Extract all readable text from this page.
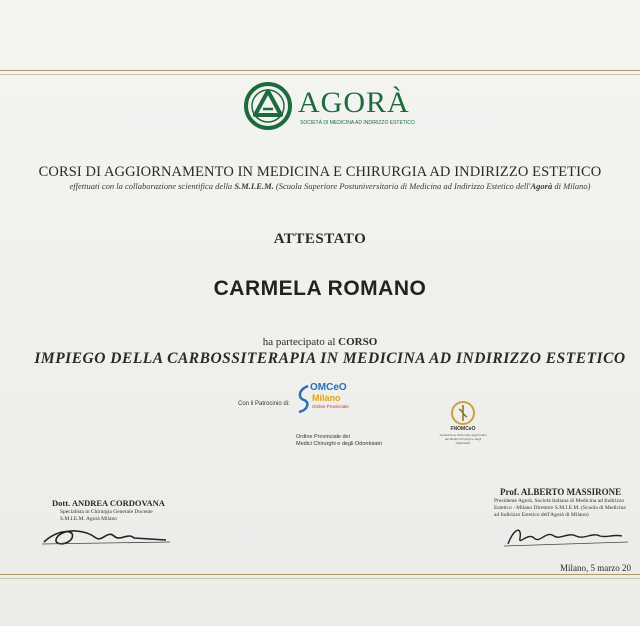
AGORÀ
SOCIETÀ DI MEDICINA AD INDIRIZZO ESTETICO
CORSI DI AGGIORNAMENTO IN MEDICINA E CHIRURGIA AD INDIRIZZO ESTETICO
effettuati con la collaborazione scientifica della S.M.I.E.M. (Scuola Superiore Postuniversitaria di Medicina ad Indirizzo Estetico dell'Agorà di Milano)
ATTESTATO
CARMELA ROMANO
ha partecipato al CORSO
IMPIEGO DELLA CARBOSSITERAPIA IN MEDICINA AD INDIRIZZO ESTETICO
Con il Patrocinio di:
OMCeO
Milano
Ordine Provinciale
Ordine Provinciale dei
Medici Chirurghi e degli Odontoiatri
FNOMCeO
Federazione Nazionale degli Ordini dei Medici Chirurghi e degli Odontoiatri
Dott. ANDREA CORDOVANA
Specialista in Chirurgia Generale Docente
S.M.I.E.M. Agorà Milano
Prof. ALBERTO MASSIRONE
Presidente Agorà, Società Italiana di Medicina ad Indirizzo
Estetico - Milano Direttore S.M.I.E.M. (Scuola di Medicina
ad Indirizzo Estetico dell'Agorà di Milano)
Milano, 5 marzo 20
